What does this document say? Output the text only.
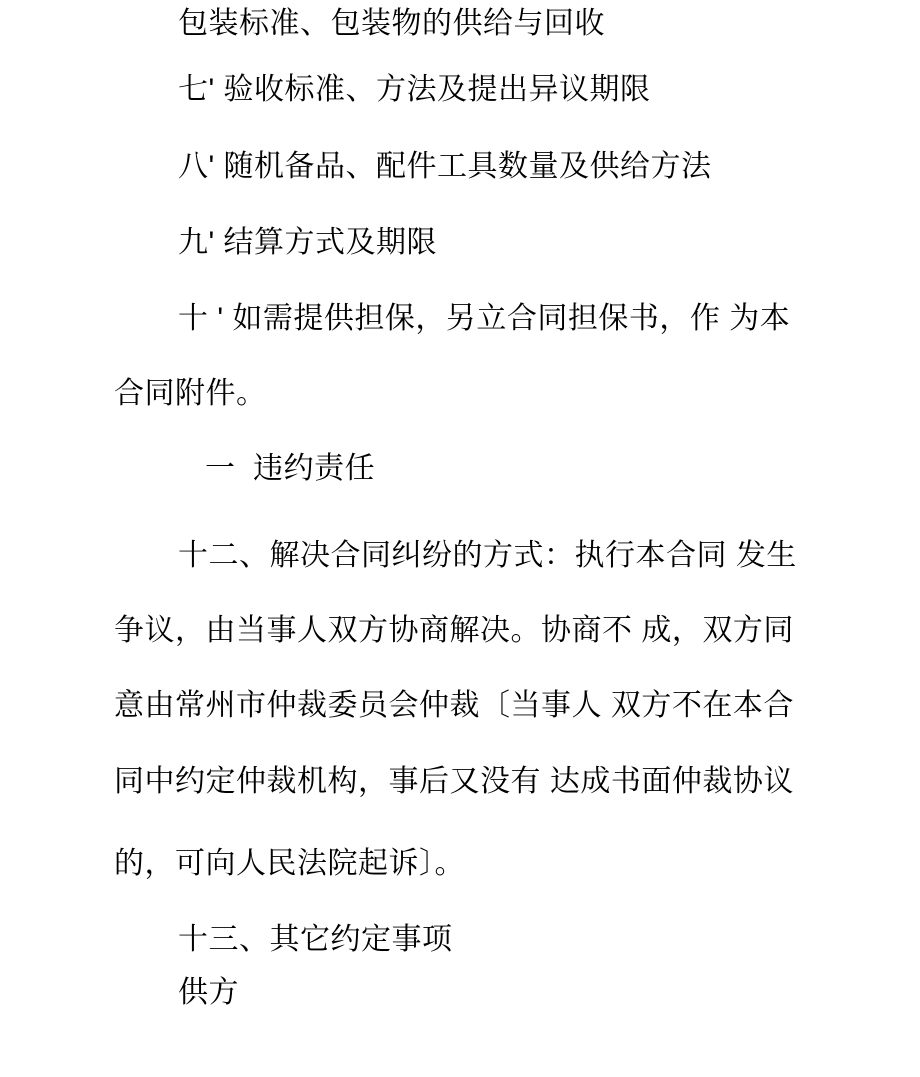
包装标准、包装物的供给与回收
七' 验收标准、方法及提出异议期限
八' 随机备品、配件工具数量及供给方法
九' 结算方式及期限
十 ' 如需提供担保，另立合同担保书，作 为本
合同附件。
一  违约责任
十二、解决合同纠纷的方式：执行本合同 发生
争议，由当事人双方协商解决。协商不 成，双方同
意由常州市仲裁委员会仲裁〔当事人 双方不在本合
同中约定仲裁机构，事后又没有 达成书面仲裁协议
的，可向人民法院起诉〕。
十三、其它约定事项
供方
